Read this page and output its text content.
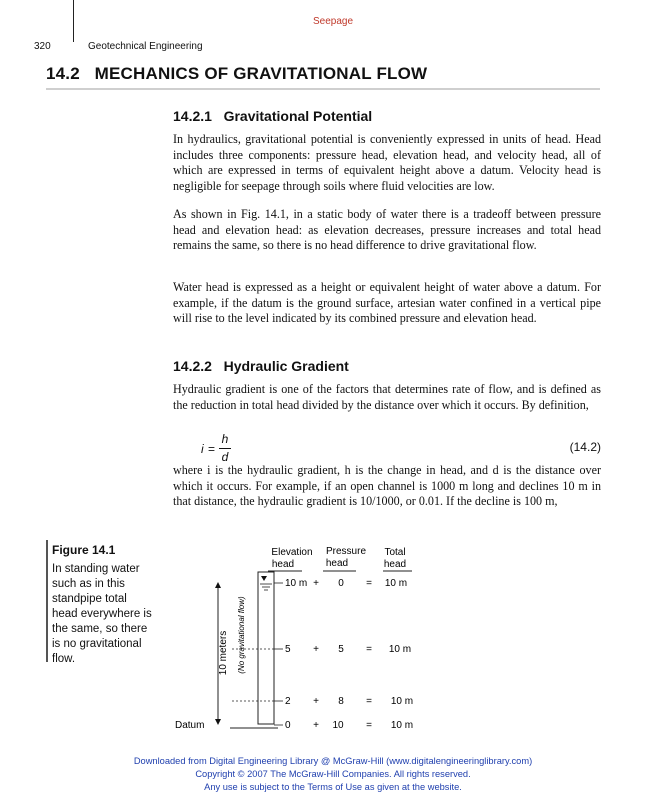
Seepage
320	Geotechnical Engineering
14.2   MECHANICS OF GRAVITATIONAL FLOW
14.2.1   Gravitational Potential

In hydraulics, gravitational potential is conveniently expressed in units of head. Head includes three components: pressure head, elevation head, and velocity head, all of which are expressed in terms of equivalent height above a datum. Velocity head is negligible for seepage through soils where fluid velocities are low.

As shown in Fig. 14.1, in a static body of water there is a tradeoff between pressure head and elevation head: as elevation decreases, pressure increases and total head remains the same, so there is no head difference to drive gravitational flow.

Water head is expressed as a height or equivalent height of water above a datum. For example, if the datum is the ground surface, artesian water confined in a vertical pipe will rise to the level indicated by its combined pressure and elevation head.

14.2.2   Hydraulic Gradient

Hydraulic gradient is one of the factors that determines rate of flow, and is defined as the reduction in total head divided by the distance over which it occurs. By definition,

i =
h
d
(14.2)

where i is the hydraulic gradient, h is the change in head, and d is the distance over which it occurs. For example, if an open channel is 1000 m long and declines 10 m in that distance, the hydraulic gradient is 10/1000, or 0.01. If the decline is 100 m,

Figure 14.1
In standing water such as in this standpipe total head everywhere is the same, so there is no gravitational flow.
Elevation
head
Pressure
head
Total
head
10 meters (No gravitational flow)
Datum
10 m + 0 = 10 m
5 + 5 = 10 m
2 + 8 = 10 m
0 + 10 = 10 m
Downloaded from Digital Engineering Library @ McGraw-Hill (www.digitalengineeringlibrary.com)
Copyright © 2007 The McGraw-Hill Companies. All rights reserved.
Any use is subject to the Terms of Use as given at the website.
